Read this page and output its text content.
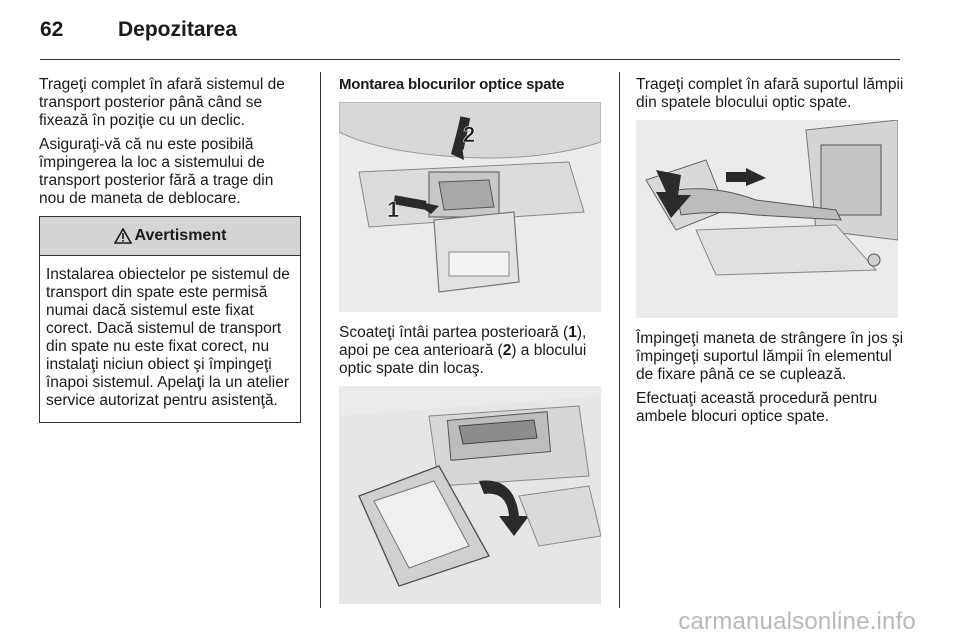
62	Depozitarea

Trageţi complet în afară sistemul de transport posterior până când se fixează în poziţie cu un declic.

Asiguraţi-vă că nu este posibilă împingerea la loc a sistemului de transport posterior fără a trage din nou de maneta de deblocare.

Avertisment
Instalarea obiectelor pe sistemul de transport din spate este permisă numai dacă sistemul este fixat corect. Dacă sistemul de transport din spate nu este fixat corect, nu instalaţi niciun obiect şi împingeţi înapoi sistemul. Apelaţi la un atelier service autorizat pentru asistenţă.
Montarea blocurilor optice spate
2
1

Scoateţi întâi partea posterioară (1), apoi pe cea anterioară (2) a blocului optic spate din locaş.

Trageţi complet în afară suportul lămpii din spatele blocului optic spate.

Împingeţi maneta de strângere în jos şi împingeţi suportul lămpii în elementul de fixare până ce se cuplează.

Efectuaţi această procedură pentru ambele blocuri optice spate.

carmanualsonline.info
